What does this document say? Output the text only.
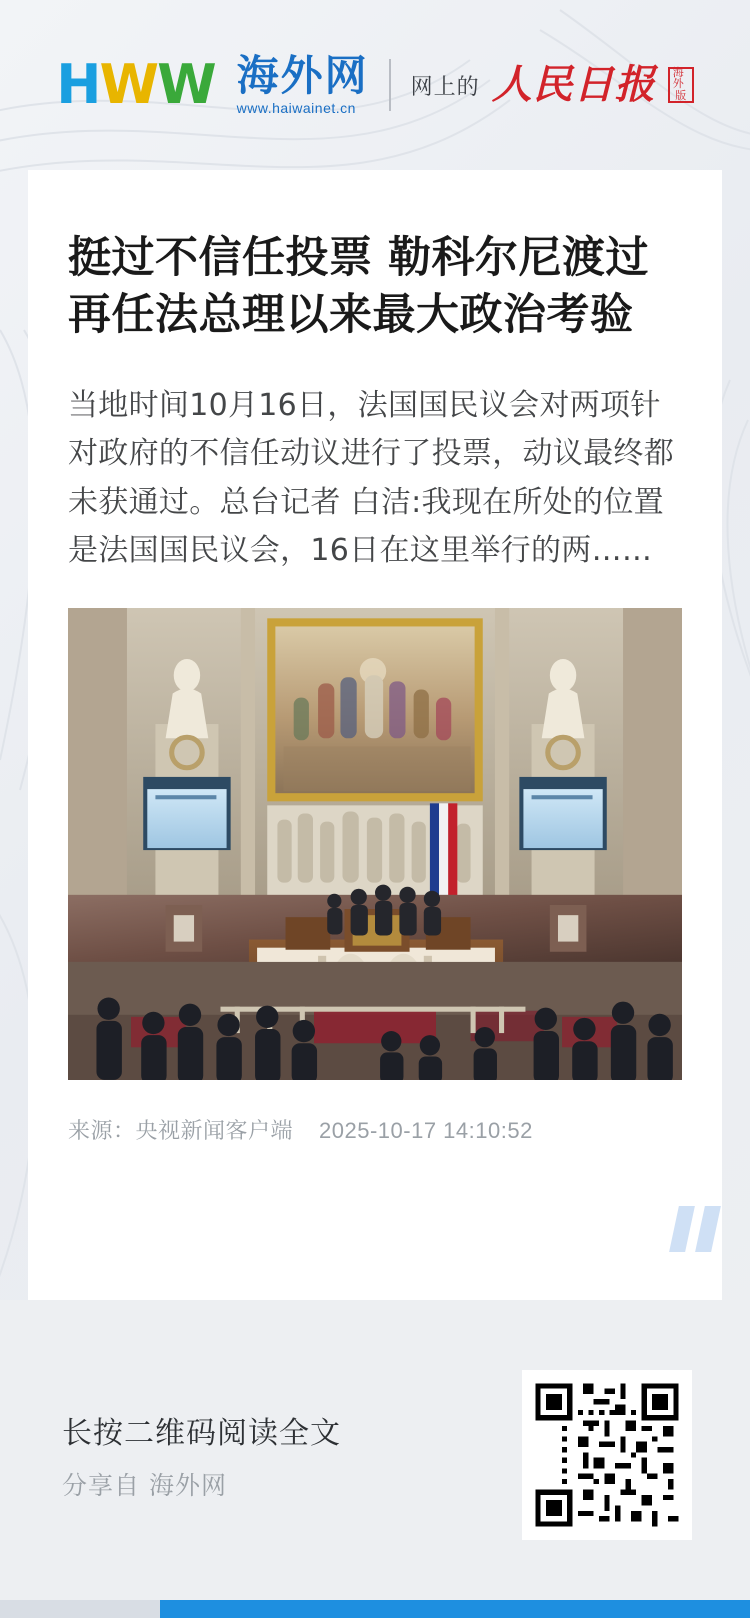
H W W 海外网
www.haiwainet.cn
网上的 人民日报 海外
版
挺过不信任投票 勒科尔尼渡过再任法总理以来最大政治考验

当地时间10月16日，法国国民议会对两项针对政府的不信任动议进行了投票，动议最终都未获通过。总台记者 白洁:我现在所处的位置是法国国民议会，16日在这里举行的两……

来源：央视新闻客户端 2025-10-17 14:10:52
长按二维码阅读全文
分享自 海外网
